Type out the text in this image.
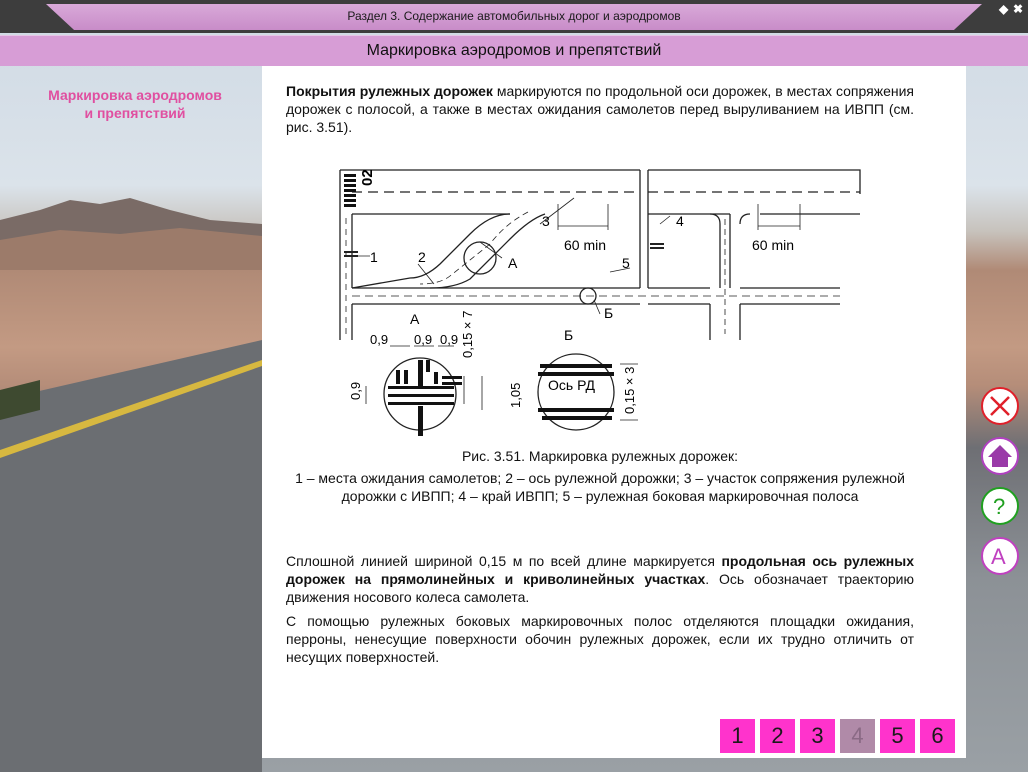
Раздел 3. Содержание автомобильных дорог и аэродромов	◆ ✖
Маркировка аэродромов и препятствий
Маркировка аэродромов
и препятствий
Покрытия рулежных дорожек маркируются по продольной оси дорожек, в местах сопряжения дорожек с полосой, а также в местах ожидания самолетов перед выруливанием на ИВПП (см. рис. 3.51).
02
60 min	60 min
1	2
3	4
5
А
Б
А
0,9 0,9 0,9 0,15 × 7
0,9	1,05
Б
Ось РД 0,15 × 3
Рис. 3.51. Маркировка рулежных дорожек:
1 – места ожидания самолетов; 2 – ось рулежной дорожки; 3 – участок сопряжения рулежной дорожки с ИВПП; 4 – край ИВПП; 5 – рулежная боковая маркировочная полоса
Сплошной линией шириной 0,15 м по всей длине маркируется продольная ось рулежных дорожек на прямолинейных и криволинейных участках. Ось обозначает траекторию движения носового колеса самолета.
С помощью рулежных боковых маркировочных полос отделяются площадки ожидания, перроны, ненесущие поверхности обочин рулежных дорожек, если их трудно отличить от несущих поверхностей.
?
A
1	2	3	4	5	6
